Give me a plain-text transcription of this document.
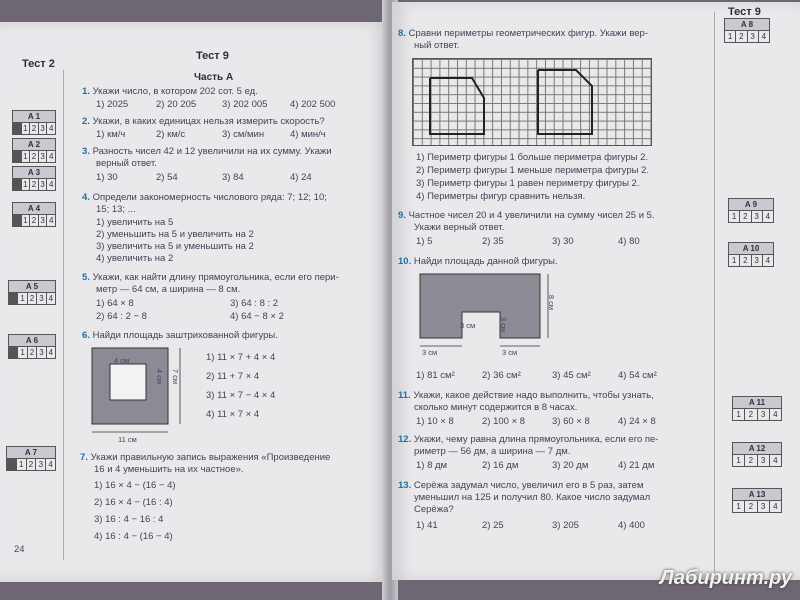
Тест 2
A 1
1 2 3 4
A 2
1 2 3 4
A 3
1 2 3 4
A 4
1 2 3 4
A 5
1 2 3 4
A 6
1 2 3 4
A 7
1 2 3 4
Тест 9
Часть А
1. Укажи число, в котором 202 сот. 5 ед.
1) 2025	2) 20 205	3) 202 005 4) 202 500
2. Укажи, в каких единицах нельзя измерить скорость?
1) км/ч	2) км/с	3) см/мин	4) мин/ч
3. Разность чисел 42 и 12 увеличили на их сумму. Укажи
верный ответ.
1) 30	2) 54	3) 84	4) 24
4. Определи закономерность числового ряда: 7; 12; 10;
15; 13; ...
1) увеличить на 5
2) уменьшить на 5 и увеличить на 2
3) увеличить на 5 и уменьшить на 2
4) увеличить на 2
5. Укажи, как найти длину прямоугольника, если его пери-
метр — 64 см, а ширина — 8 см.
1) 64 × 8
2) 64 : 2 − 8
3) 64 : 8 : 2
4) 64 − 8 × 2
6. Найди площадь заштрихованной фигуры.
4 см
4 см 7 см
11 см
1) 11 × 7 + 4 × 4
2) 11 + 7 × 4
3) 11 × 7 − 4 × 4
4) 11 × 7 × 4
7. Укажи правильную запись выражения «Произведение
16 и 4 уменьшить на их частное».
1) 16 × 4 − (16 − 4)
2) 16 × 4 − (16 : 4)
3) 16 : 4 − 16 : 4
4) 16 : 4 − (16 − 4)
24
Тест 9
A 8
1 2 3 4
A 9
1 2 3 4
A 10
1 2 3 4
A 11
1 2 3 4
A 12
1 2 3 4
A 13
1 2 3 4
8. Сравни периметры геометрических фигур. Укажи вер-
ный ответ.
1) Периметр фигуры 1 больше периметра фигуры 2.
2) Периметр фигуры 1 меньше периметра фигуры 2.
3) Периметр фигуры 1 равен периметру фигуры 2.
4) Периметры фигур сравнить нельзя.
9. Частное чисел 20 и 4 увеличили на сумму чисел 25 и 5.
Укажи верный ответ.
1) 5	2) 35	3) 30	4) 80
10. Найди площадь данной фигуры.
3 см	3 см
3 см	3 см
8 см
1) 81 см²	2) 36 см²	3) 45 см²	4) 54 см²
11. Укажи, какое действие надо выполнить, чтобы узнать,
сколько минут содержится в 8 часах.
1) 10 × 8	2) 100 × 8	3) 60 × 8	4) 24 × 8
12. Укажи, чему равна длина прямоугольника, если его пе-
риметр — 56 дм, а ширина — 7 дм.
1) 8 дм	2) 16 дм	3) 20 дм	4) 21 дм
13. Серёжа задумал число, увеличил его в 5 раз, затем
уменьшил на 125 и получил 80. Какое число задумал
Серёжа?
1) 41	2) 25	3) 205	4) 400
Лабиринт.ру
